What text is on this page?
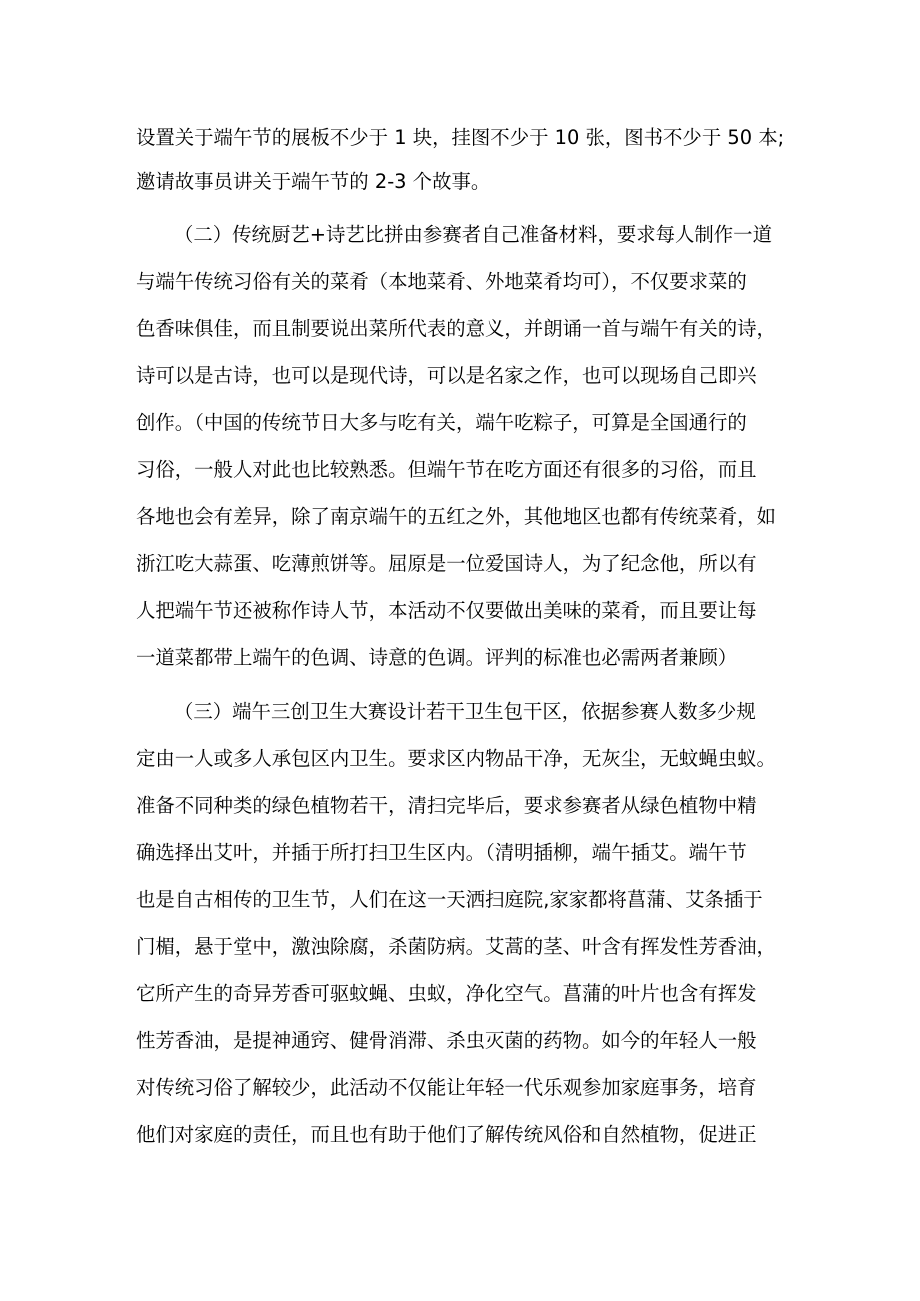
设置关于端午节的展板不少于 1 块，挂图不少于 10 张，图书不少于 50 本;
邀请故事员讲关于端午节的 2-3 个故事。
（二）传统厨艺+诗艺比拼由参赛者自己准备材料，要求每人制作一道
与端午传统习俗有关的菜肴（本地菜肴、外地菜肴均可），不仅要求菜的
色香味俱佳，而且制要说出菜所代表的意义，并朗诵一首与端午有关的诗，
诗可以是古诗，也可以是现代诗，可以是名家之作，也可以现场自己即兴
创作。（中国的传统节日大多与吃有关，端午吃粽子，可算是全国通行的
习俗，一般人对此也比较熟悉。但端午节在吃方面还有很多的习俗，而且
各地也会有差异，除了南京端午的五红之外，其他地区也都有传统菜肴，如
浙江吃大蒜蛋、吃薄煎饼等。屈原是一位爱国诗人，为了纪念他，所以有
人把端午节还被称作诗人节，本活动不仅要做出美味的菜肴，而且要让每
一道菜都带上端午的色调、诗意的色调。评判的标准也必需两者兼顾）
（三）端午三创卫生大赛设计若干卫生包干区，依据参赛人数多少规
定由一人或多人承包区内卫生。要求区内物品干净，无灰尘，无蚊蝇虫蚁。
准备不同种类的绿色植物若干，清扫完毕后，要求参赛者从绿色植物中精
确选择出艾叶，并插于所打扫卫生区内。（清明插柳，端午插艾。端午节
也是自古相传的卫生节，人们在这一天洒扫庭院,家家都将菖蒲、艾条插于
门楣，悬于堂中，激浊除腐，杀菌防病。艾蒿的茎、叶含有挥发性芳香油，
它所产生的奇异芳香可驱蚊蝇、虫蚁，净化空气。菖蒲的叶片也含有挥发
性芳香油，是提神通窍、健骨消滞、杀虫灭菌的药物。如今的年轻人一般
对传统习俗了解较少，此活动不仅能让年轻一代乐观参加家庭事务，培育
他们对家庭的责任，而且也有助于他们了解传统风俗和自然植物，促进正
